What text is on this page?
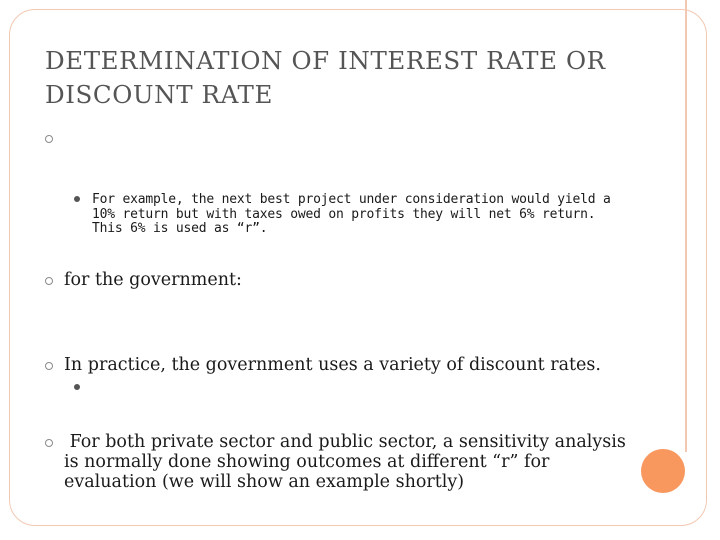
DETERMINATION OF INTEREST RATE OR DISCOUNT RATE

For example, the next best project under consideration would yield a 10% return but with taxes owed on profits they will net 6% return. This 6% is used as “r”.

for the government:

In practice, the government uses a variety of discount rates.

For both private sector and public sector, a sensitivity analysis is normally done showing outcomes at different “r” for evaluation (we will show an example shortly)
